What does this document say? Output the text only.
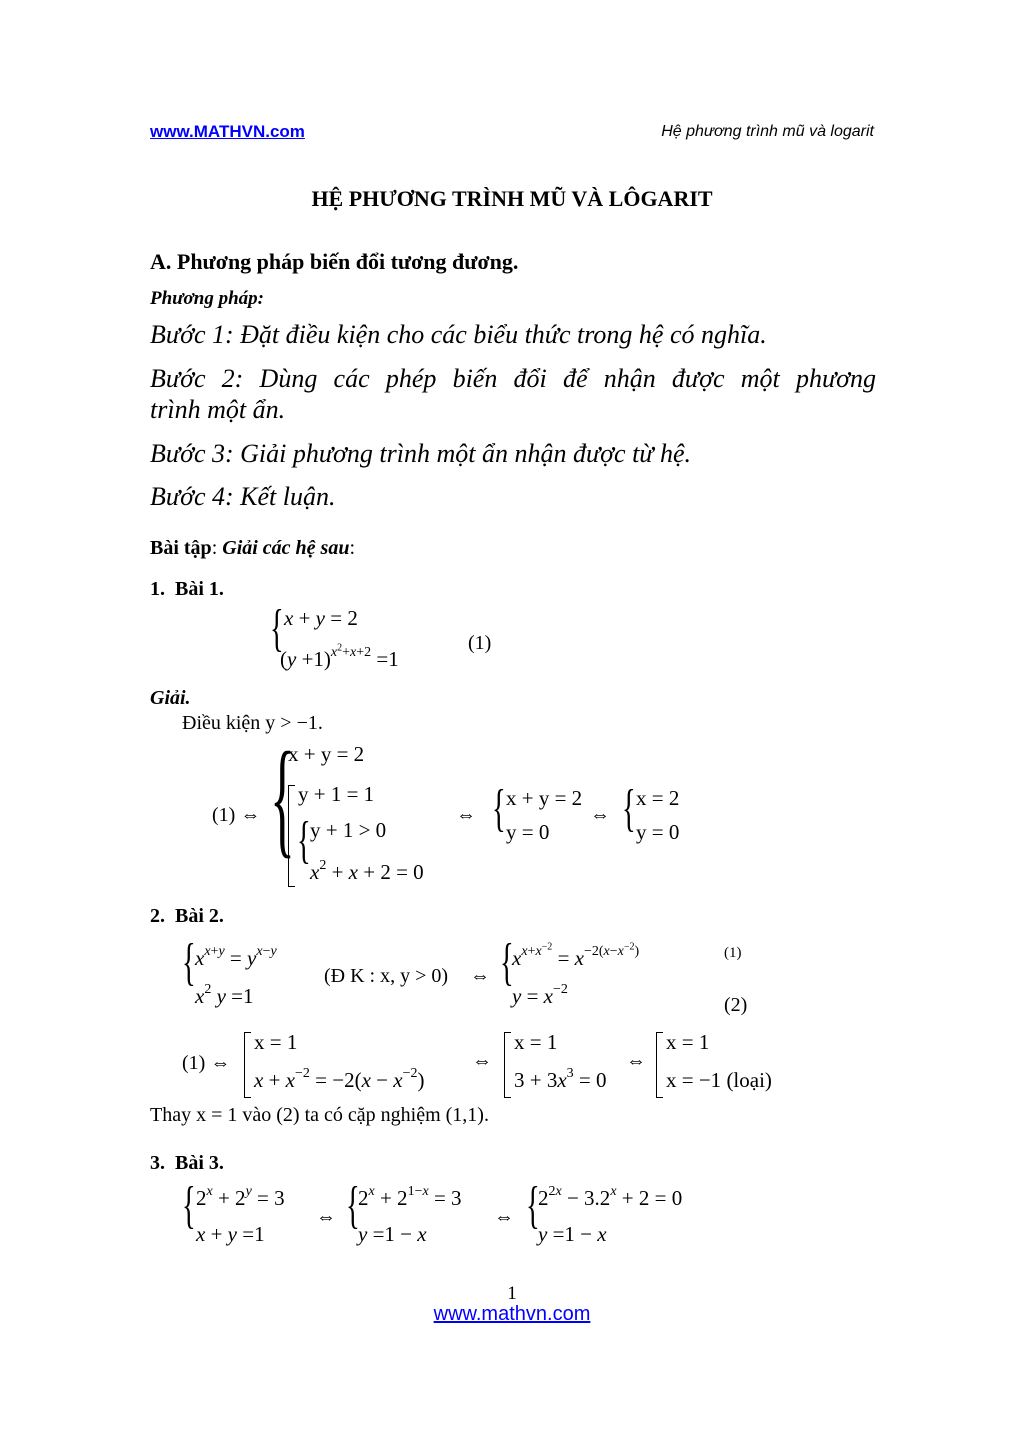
www.MATHVN.com	Hệ phương trình mũ và logarit
HỆ PHƯƠNG TRÌNH MŨ VÀ LÔGARIT
A. Phương pháp biến đổi tương đương.
Phương pháp:
Bước 1: Đặt điều kiện cho các biểu thức trong hệ có nghĩa.
Bước 2: Dùng các phép biến đổi để nhận được một phương
trình một ẩn.
Bước 3: Giải phương trình một ẩn nhận được từ hệ.
Bước 4: Kết luận.
Bài tập: Giải các hệ sau:
1. Bài 1.
{ x + y = 2
$(y +1)^{x^2+x+2} =1$
(1)
Giải.
Điều kiện y > −1.
(1) ⇔ {
x + y = 2
y + 1 = 1
{ y + 1 > 0
$x^2 + x + 2 = 0$
⇔ { x + y = 2
y = 0
⇔ { x = 2
y = 0
2. Bài 2.
{ $x^{x+y} = y^{x-y}$
$x^2$ y =1
(Đ K : x, y > 0) ⇔ {
$x^{x+x^{-2}} = x^{-2(x-x^{-2})}$
$y = x^{-2}$
(1)
(2)
(1) ⇔
x = 1
$x + x^{-2} = -2(x - x^{-2})$
⇔
x = 1
$3 + 3x^3 = 0$
⇔
x = 1
x = −1 (loại)
Thay x = 1 vào (2) ta có cặp nghiệm (1,1).
3. Bài 3.
{ $2^x + 2^y = 3$
x + y =1
⇔ {
$2^x + 2^{1-x} = 3$
y =1 − x
⇔ {
$2^{2x} - 3.2^x + 2 = 0$
y =1 − x
1
www.mathvn.com
